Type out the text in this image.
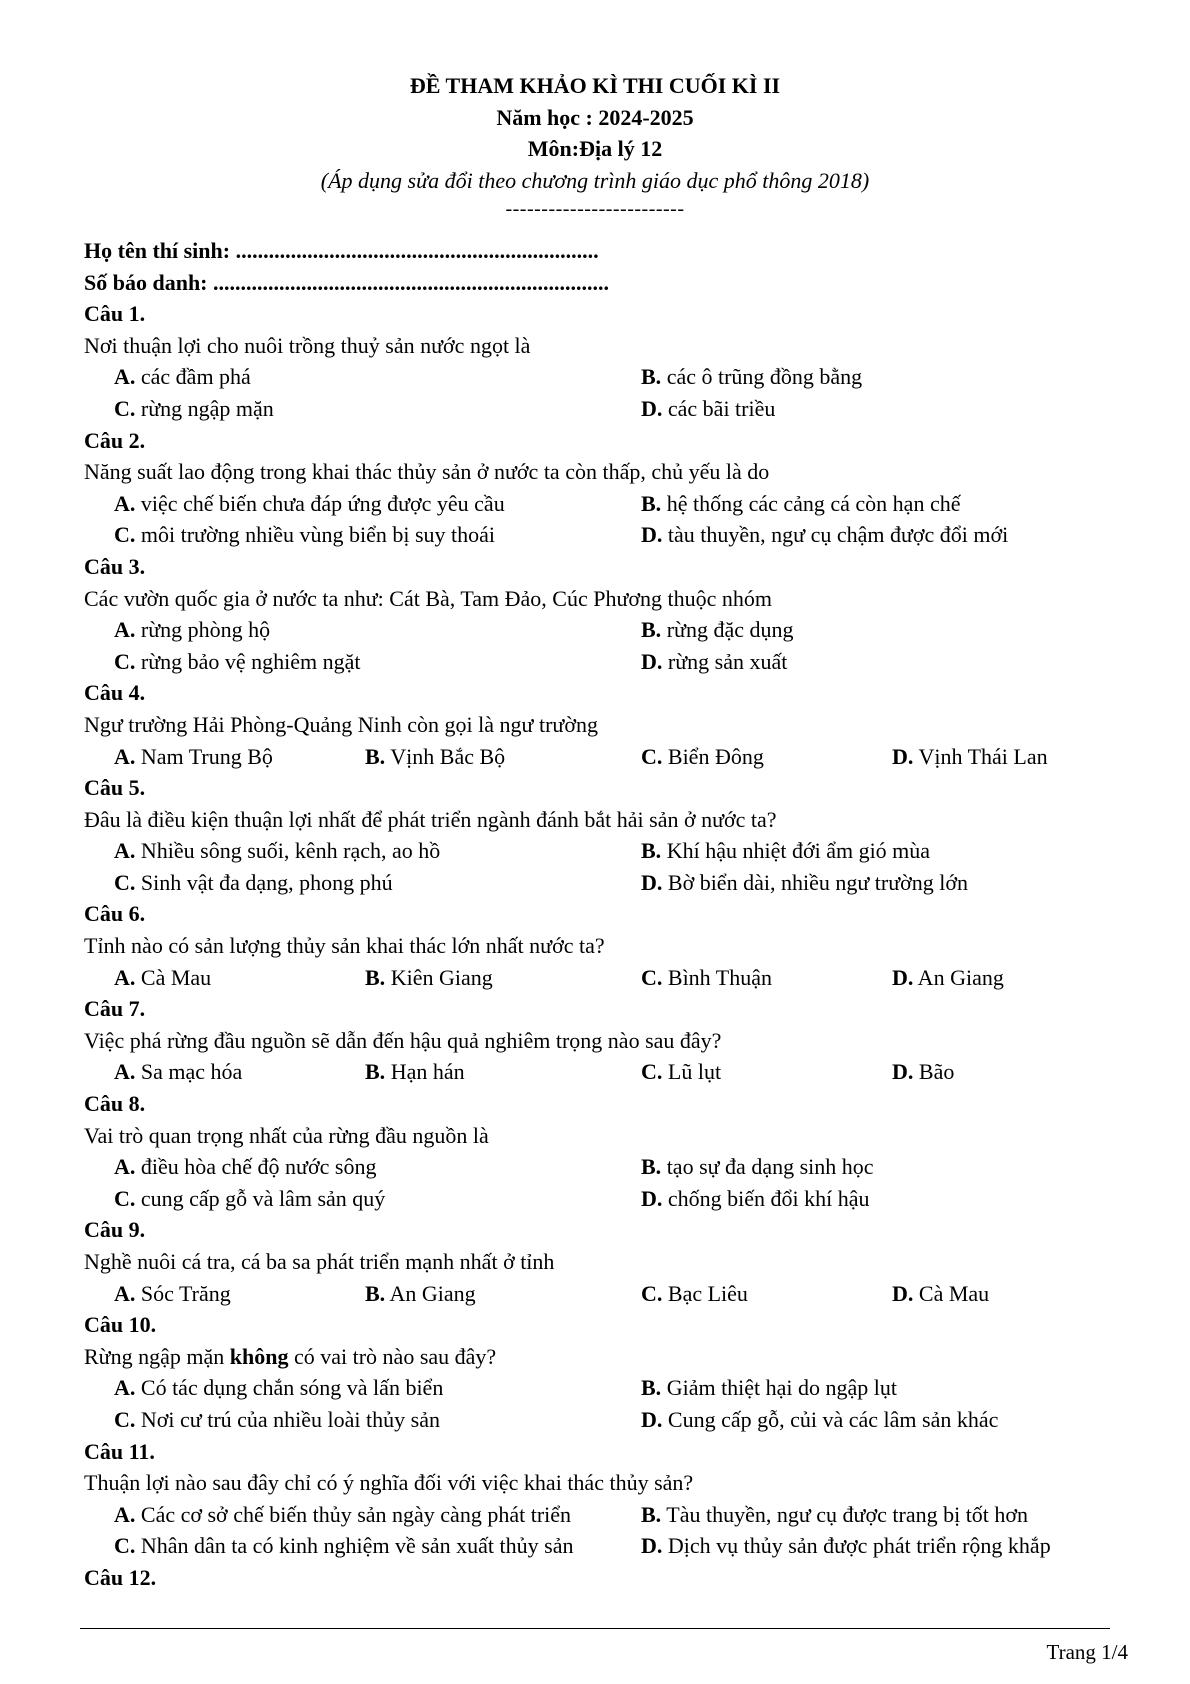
ĐỀ THAM KHẢO KÌ THI CUỐI KÌ II
Năm học : 2024-2025
Môn:Địa lý 12
(Áp dụng sửa đổi theo chương trình giáo dục phổ thông 2018)
-------------------------
Họ tên thí sinh: ..................................................................
Số báo danh: ........................................................................
Câu 1.
Nơi thuận lợi cho nuôi trồng thuỷ sản nước ngọt là
A. các đầm phá	B. các ô trũng đồng bằng
C. rừng ngập mặn	D. các bãi triều
Câu 2.
Năng suất lao động trong khai thác thủy sản ở nước ta còn thấp, chủ yếu là do
A. việc chế biến chưa đáp ứng được yêu cầu	B. hệ thống các cảng cá còn hạn chế
C. môi trường nhiều vùng biển bị suy thoái	D. tàu thuyền, ngư cụ chậm được đổi mới
Câu 3.
Các vườn quốc gia ở nước ta như: Cát Bà, Tam Đảo, Cúc Phương thuộc nhóm
A. rừng phòng hộ	B. rừng đặc dụng
C. rừng bảo vệ nghiêm ngặt	D. rừng sản xuất
Câu 4.
Ngư trường Hải Phòng-Quảng Ninh còn gọi là ngư trường
A. Nam Trung Bộ	B. Vịnh Bắc Bộ	C. Biển Đông	D. Vịnh Thái Lan
Câu 5.
Đâu là điều kiện thuận lợi nhất để phát triển ngành đánh bắt hải sản ở nước ta?
A. Nhiều sông suối, kênh rạch, ao hồ	B. Khí hậu nhiệt đới ẩm gió mùa
C. Sinh vật đa dạng, phong phú	D. Bờ biển dài, nhiều ngư trường lớn
Câu 6.
Tỉnh nào có sản lượng thủy sản khai thác lớn nhất nước ta?
A. Cà Mau	B. Kiên Giang	C. Bình Thuận	D. An Giang
Câu 7.
Việc phá rừng đầu nguồn sẽ dẫn đến hậu quả nghiêm trọng nào sau đây?
A. Sa mạc hóa	B. Hạn hán	C. Lũ lụt	D. Bão
Câu 8.
Vai trò quan trọng nhất của rừng đầu nguồn là
A. điều hòa chế độ nước sông	B. tạo sự đa dạng sinh học
C. cung cấp gỗ và lâm sản quý	D. chống biến đổi khí hậu
Câu 9.
Nghề nuôi cá tra, cá ba sa phát triển mạnh nhất ở tỉnh
A. Sóc Trăng	B. An Giang	C. Bạc Liêu	D. Cà Mau
Câu 10.
Rừng ngập mặn không có vai trò nào sau đây?
A. Có tác dụng chắn sóng và lấn biển	B. Giảm thiệt hại do ngập lụt
C. Nơi cư trú của nhiều loài thủy sản	D. Cung cấp gỗ, củi và các lâm sản khác
Câu 11.
Thuận lợi nào sau đây chỉ có ý nghĩa đối với việc khai thác thủy sản?
A. Các cơ sở chế biến thủy sản ngày càng phát triển	B. Tàu thuyền, ngư cụ được trang bị tốt hơn
C. Nhân dân ta có kinh nghiệm về sản xuất thủy sản	D. Dịch vụ thủy sản được phát triển rộng khắp
Câu 12.
Trang 1/4
